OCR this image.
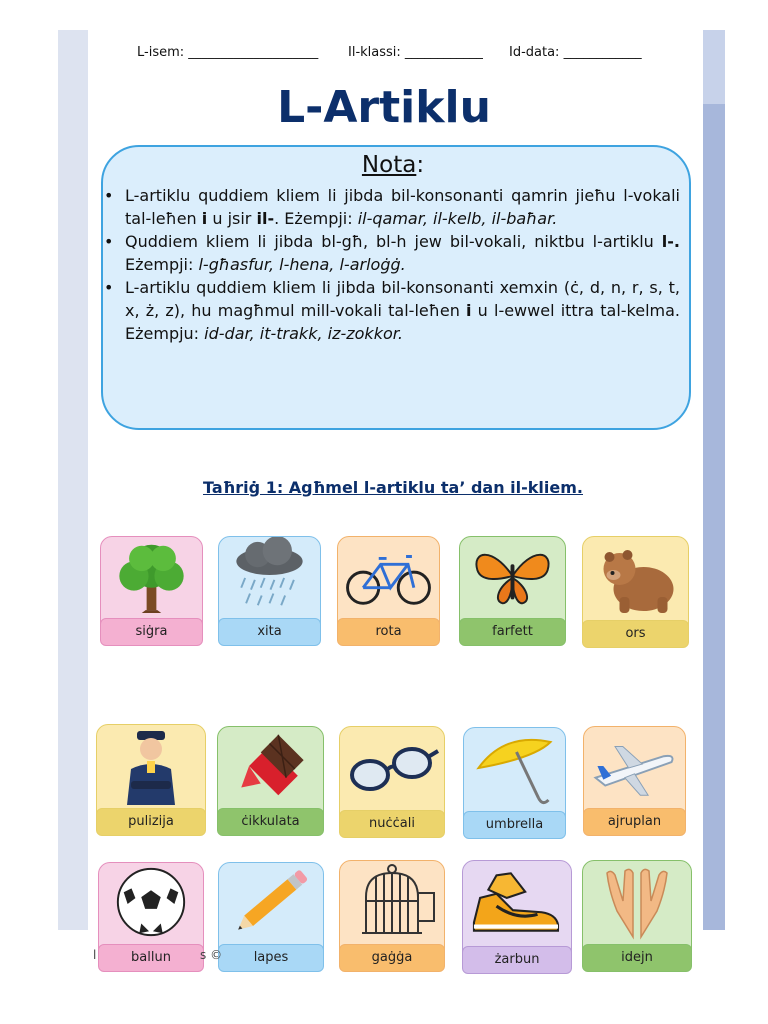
L-isem: ____________________ Il-klassi: ____________ Id-data: ____________
L-Artiklu
Nota:
• L-artiklu quddiem kliem li jibda bil-konsonanti qamrin jieħu l-vokali tal-leħen i u jsir il-. Eżempji: il-qamar, il-kelb, il-baħar.
• Quddiem kliem li jibda bl-għ, bl-h jew bil-vokali, niktbu l-artiklu l-. Eżempji: l-għasfur, l-hena, l-arloġġ.
• L-artiklu quddiem kliem li jibda bil-konsonanti xemxin (ċ, d, n, r, s, t, x, ż, z), hu magħmul mill-vokali tal-leħen i u l-ewwel ittra tal-kelma. Eżempju: id-dar, it-trakk, iz-zokkor.
Taħriġ 1: Agħmel l-artiklu ta’ dan il-kliem.
siġra	xita	rota	farfett	ors
pulizija	ċikkulata	nuċċali	umbrella	ajruplan
ballun	lapes	gaġġa	żarbun	idejn
l	s ©
